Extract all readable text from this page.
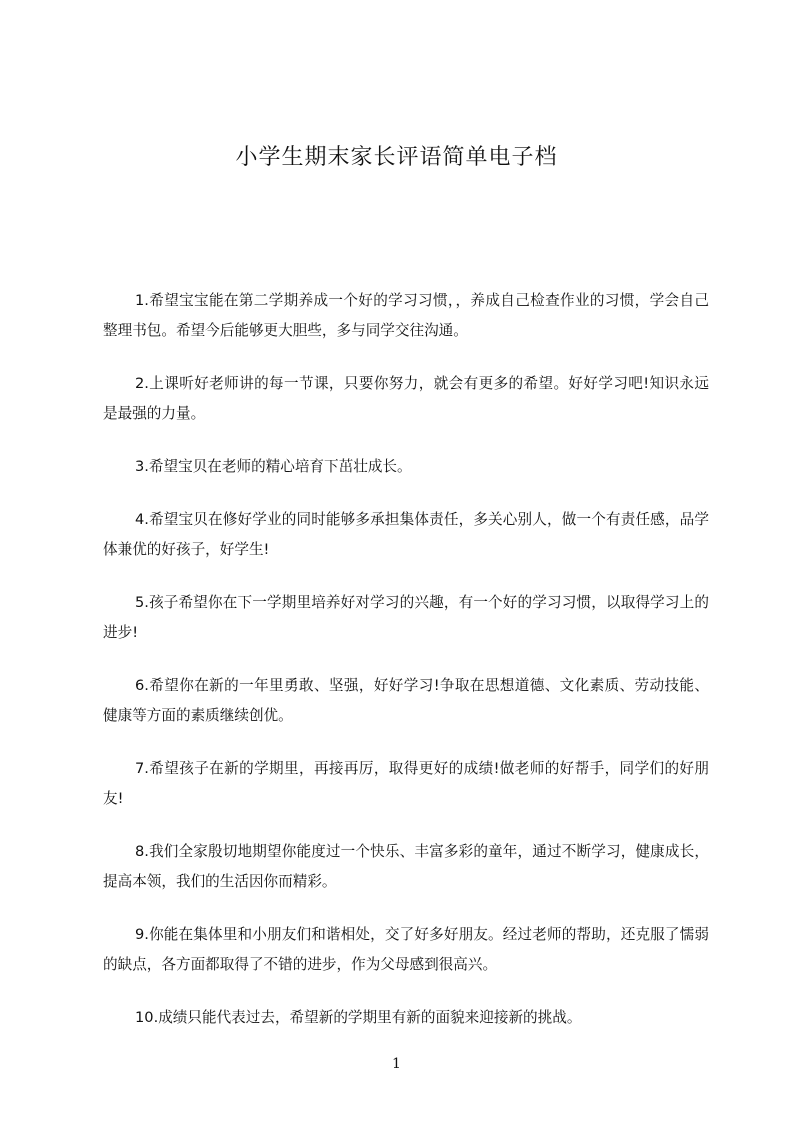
小学生期末家长评语简单电子档
1.希望宝宝能在第二学期养成一个好的学习习惯，，养成自己检查作业的习惯，学会自己整理书包。希望今后能够更大胆些，多与同学交往沟通。
2.上课听好老师讲的每一节课，只要你努力，就会有更多的希望。好好学习吧!知识永远是最强的力量。
3.希望宝贝在老师的精心培育下茁壮成长。
4.希望宝贝在修好学业的同时能够多承担集体责任，多关心别人，做一个有责任感，品学体兼优的好孩子，好学生!
5.孩子希望你在下一学期里培养好对学习的兴趣，有一个好的学习习惯，以取得学习上的进步!
6.希望你在新的一年里勇敢、坚强，好好学习!争取在思想道德、文化素质、劳动技能、健康等方面的素质继续创优。
7.希望孩子在新的学期里，再接再厉，取得更好的成绩!做老师的好帮手，同学们的好朋友!
8.我们全家殷切地期望你能度过一个快乐、丰富多彩的童年，通过不断学习，健康成长，提高本领，我们的生活因你而精彩。
9.你能在集体里和小朋友们和谐相处，交了好多好朋友。经过老师的帮助，还克服了懦弱的缺点，各方面都取得了不错的进步，作为父母感到很高兴。
10.成绩只能代表过去，希望新的学期里有新的面貌来迎接新的挑战。
1
